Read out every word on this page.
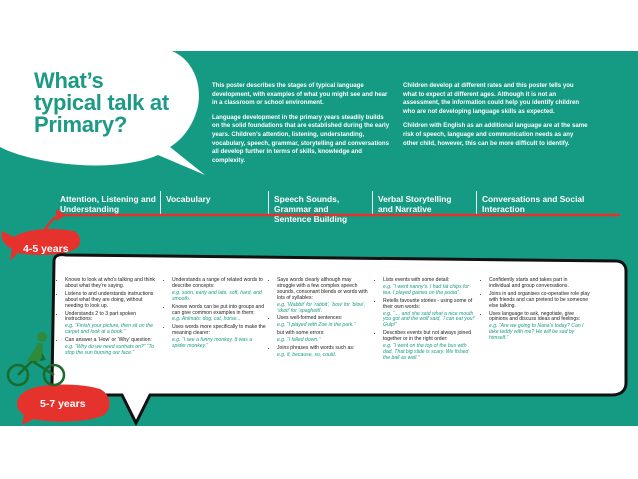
What’s typical talk at Primary?

This poster describes the stages of typical language development, with examples of what you might see and hear in a classroom or school environment.

Language development in the primary years steadily builds on the solid foundations that are established during the early years. Children’s attention, listening, understanding, vocabulary, speech, grammar, storytelling and conversations all develop further in terms of skills, knowledge and complexity.

Children develop at different rates and this poster tells you what to expect at different ages. Although it is not an assessment, the information could help you identify children who are not developing language skills as expected.

Children with English as an additional language are at the same risk of speech, language and communication needs as any other child, however, this can be more difficult to identify.

Attention, Listening and Understanding
Vocabulary	Speech Sounds, Grammar and Sentence Building
Verbal Storytelling and Narrative
Conversations and Social Interaction
4-5 years
5-7 years
• Knows to look at who’s talking and think about what they’re saying.
• Listens to and understands instructions about what they are doing, without needing to look up.
• Understands 2 to 3 part spoken instructions:
e.g. “Finish your picture, then sit on the carpet and look at a book.”
• Can answer a ‘How’ or ‘Why’ question:
e.g. “Why do we need sunhats on?” “To stop the sun burning our face.”
• Understands a range of related words to describe concepts:
e.g. soon, early and late, soft, hard, and smooth.
• Knows words can be put into groups and can give common examples in them:
e.g. Animals: dog, cat, horse...
• Uses words more specifically to make the meaning clearer:
e.g. “I see a funny monkey. It was a spider monkey.”
• Says words clearly although may struggle with a few complex speech sounds, consonant blends or words with lots of syllables:
e.g. ‘Wabbit’ for ‘rabbit’, ‘bow’ for ‘blow’, ‘sketi’ for ‘spaghetti’.
• Uses well-formed sentences:
e.g. “I played with Zoe in the park.”
but with some errors:
e.g. “I falled down.”
• Joins phrases with words such as:
e.g. if, because, so, could.
• Lists events with some detail:
e.g. “I went nanny’s. I had fat chips for tea. I played games on the poota”.
• Retells favourite stories - using some of their own words:
e.g. “.... and she said what a nice mouth you got and the wolf said, ‘I can eat you!’ Gulp!”
• Describes events but not always joined together or in the right order:
e.g. “I went on the top of the bus with dad. That big slide is scary. We fished the ball as well.”
• Confidently starts and takes part in individual and group conversations.
• Joins in and organises co-operative role play with friends and can pretend to be someone else talking.
• Uses language to ask, negotiate, give opinions and discuss ideas and feelings:
e.g. “Are we going to Nana’s today? Can I take teddy with me? He will be sad by himself.”
